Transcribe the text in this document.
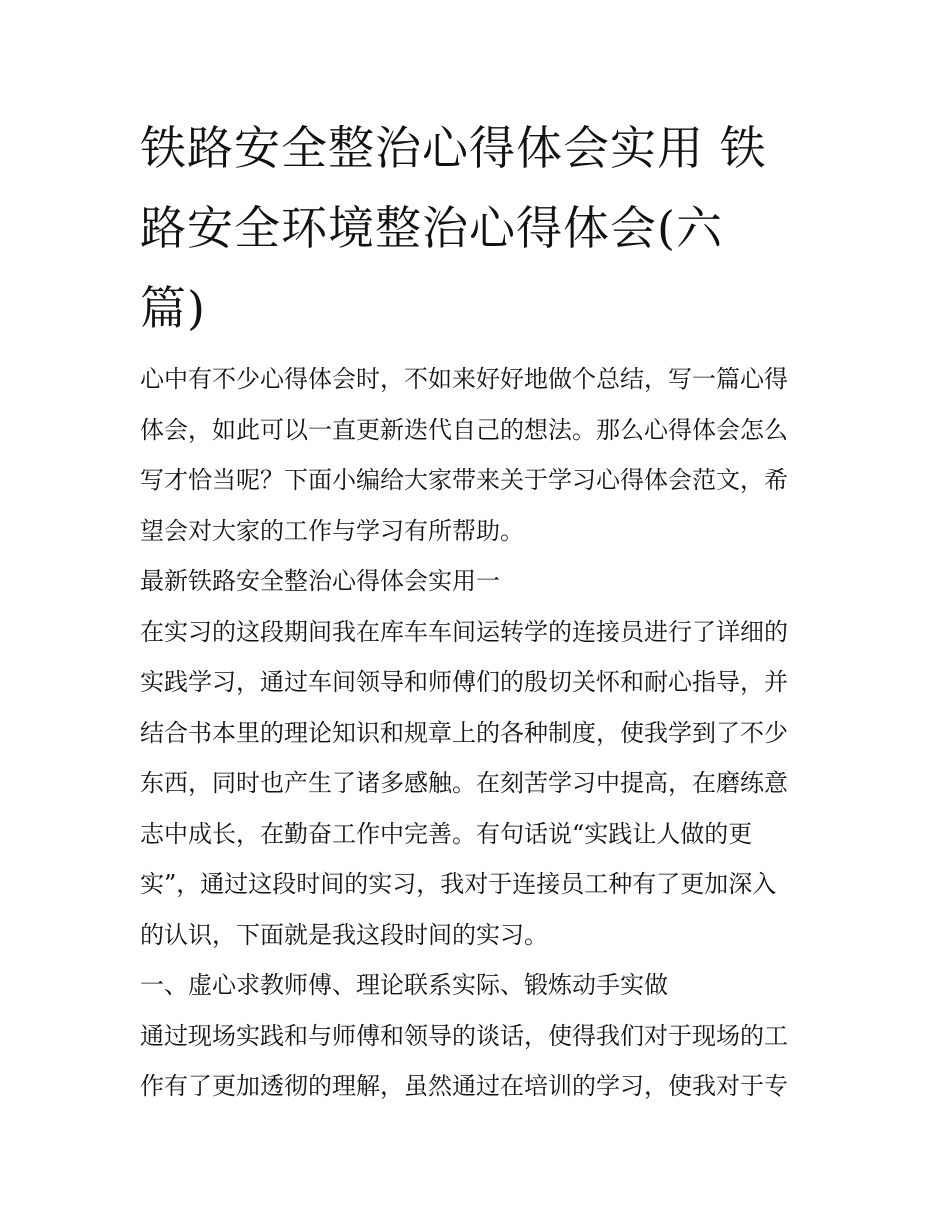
铁路安全整治心得体会实用 铁
路安全环境整治心得体会(六
篇)

心中有不少心得体会时，不如来好好地做个总结，写一篇心得
体会，如此可以一直更新迭代自己的想法。那么心得体会怎么
写才恰当呢？下面小编给大家带来关于学习心得体会范文，希
望会对大家的工作与学习有所帮助。

最新铁路安全整治心得体会实用一

在实习的这段期间我在库车车间运转学的连接员进行了详细的
实践学习，通过车间领导和师傅们的殷切关怀和耐心指导，并
结合书本里的理论知识和规章上的各种制度，使我学到了不少
东西，同时也产生了诸多感触。在刻苦学习中提高，在磨练意
志中成长，在勤奋工作中完善。有句话说“实践让人做的更
实”，通过这段时间的实习，我对于连接员工种有了更加深入
的认识，下面就是我这段时间的实习。

一、虚心求教师傅、理论联系实际、锻炼动手实做

通过现场实践和与师傅和领导的谈话，使得我们对于现场的工
作有了更加透彻的理解，虽然通过在培训的学习，使我对于专
